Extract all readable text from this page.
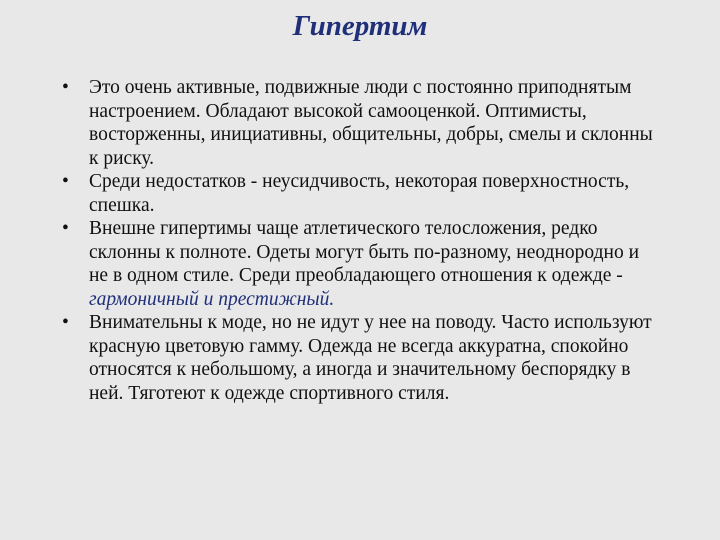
Гипертим
•	Это очень активные, подвижные люди с постоянно приподнятым настроением. Обладают высокой самооценкой. Оптимисты, восторженны, инициативны, общительны, добры, смелы и склонны к риску.
•	Среди недостатков - неусидчивость, некоторая поверхностность, спешка.
•	Внешне гипертимы чаще атлетического телосложения, редко склонны к полноте. Одеты могут быть по-разному, неоднородно и не в одном стиле. Среди преобладающего отношения к одежде - гармоничный и престижный.
•	Внимательны к моде, но не идут у нее на поводу. Часто используют красную цветовую гамму. Одежда не всегда аккуратна, спокойно относятся к небольшому, а иногда и значительному беспорядку в ней. Тяготеют к одежде спортивного стиля.
